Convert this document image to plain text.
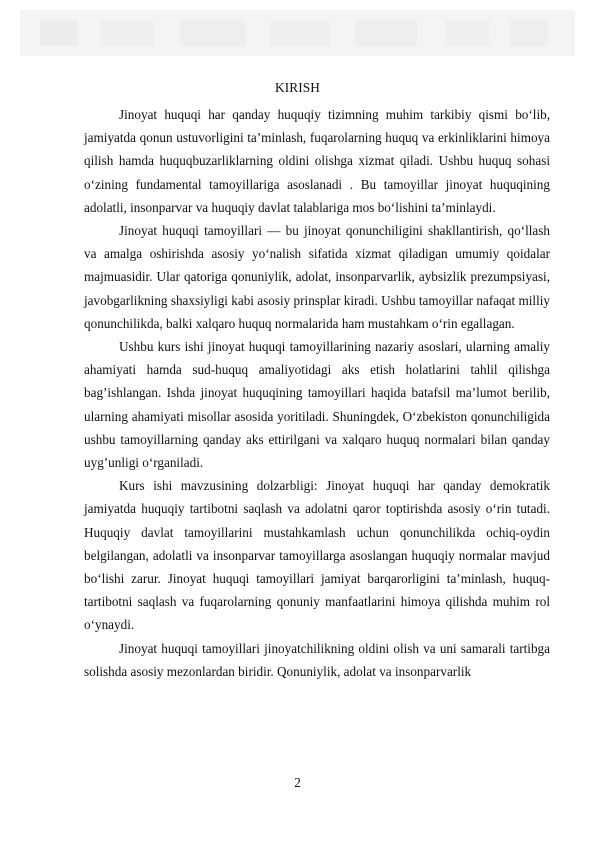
KIRISH

Jinoyat huquqi har qanday huquqiy tizimning muhim tarkibiy qismi bo‘lib, jamiyatda qonun ustuvorligini ta’minlash, fuqarolarning huquq va erkinliklarini himoya qilish hamda huquqbuzarliklarning oldini olishga xizmat qiladi. Ushbu huquq sohasi o‘zining fundamental tamoyillariga asoslanadi . Bu tamoyillar jinoyat huquqining adolatli, insonparvar va huquqiy davlat talablariga mos bo‘lishini ta’minlaydi.

Jinoyat huquqi tamoyillari — bu jinoyat qonunchiligini shakllantirish, qo‘llash va amalga oshirishda asosiy yo‘nalish sifatida xizmat qiladigan umumiy qoidalar majmuasidir. Ular qatoriga qonuniylik, adolat, insonparvarlik, aybsizlik prezumpsiyasi, javobgarlikning shaxsiyligi kabi asosiy prinsplar kiradi. Ushbu tamoyillar nafaqat milliy qonunchilikda, balki xalqaro huquq normalarida ham mustahkam o‘rin egallagan.

Ushbu kurs ishi jinoyat huquqi tamoyillarining nazariy asoslari, ularning amaliy ahamiyati hamda sud-huquq amaliyotidagi aks etish holatlarini tahlil qilishga bag’ishlangan. Ishda jinoyat huquqining tamoyillari haqida batafsil ma’lumot berilib, ularning ahamiyati misollar asosida yoritiladi. Shuningdek, O‘zbekiston qonunchiligida ushbu tamoyillarning qanday aks ettirilgani va xalqaro huquq normalari bilan qanday uyg’unligi o‘rganiladi.

Kurs ishi mavzusining dolzarbligi: Jinoyat huquqi har qanday demokratik jamiyatda huquqiy tartibotni saqlash va adolatni qaror toptirishda asosiy o‘rin tutadi. Huquqiy davlat tamoyillarini mustahkamlash uchun qonunchilikda ochiq-oydin belgilangan, adolatli va insonparvar tamoyillarga asoslangan huquqiy normalar mavjud bo‘lishi zarur. Jinoyat huquqi tamoyillari jamiyat barqarorligini ta’minlash, huquq-tartibotni saqlash va fuqarolarning qonuniy manfaatlarini himoya qilishda muhim rol o‘ynaydi.

Jinoyat huquqi tamoyillari jinoyatchilikning oldini olish va uni samarali tartibga solishda asosiy mezonlardan biridir. Qonuniylik, adolat va insonparvarlik

2
